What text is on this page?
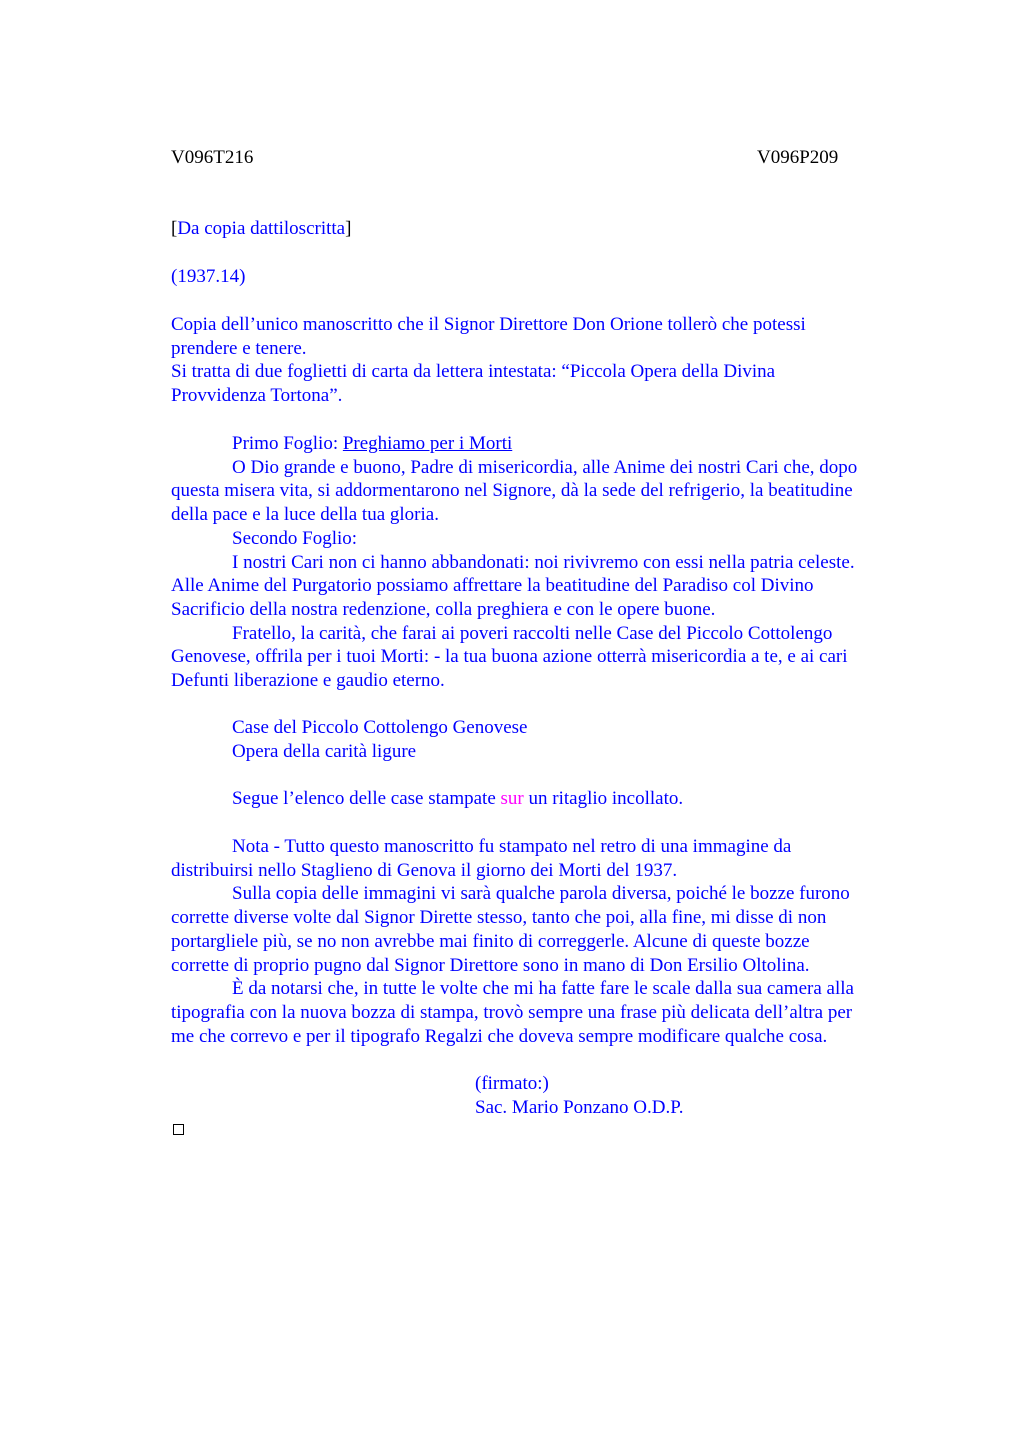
V096T216	V096P209
[Da copia dattiloscritta]
(1937.14)
Copia dell’unico manoscritto che il Signor Direttore Don Orione tollerò che potessi
prendere e tenere.
Si tratta di due foglietti di carta da lettera intestata: “Piccola Opera della Divina
Provvidenza Tortona”.
Primo Foglio: Preghiamo per i Morti
O Dio grande e buono, Padre di misericordia, alle Anime dei nostri Cari che, dopo
questa misera vita, si addormentarono nel Signore, dà la sede del refrigerio, la beatitudine
della pace e la luce della tua gloria.
Secondo Foglio:
I nostri Cari non ci hanno abbandonati: noi rivivremo con essi nella patria celeste.
Alle Anime del Purgatorio possiamo affrettare la beatitudine del Paradiso col Divino
Sacrificio della nostra redenzione, colla preghiera e con le opere buone.
Fratello, la carità, che farai ai poveri raccolti nelle Case del Piccolo Cottolengo
Genovese, offrila per i tuoi Morti: - la tua buona azione otterrà misericordia a te, e ai cari
Defunti liberazione e gaudio eterno.
Case del Piccolo Cottolengo Genovese
Opera della carità ligure
Segue l’elenco delle case stampate sur un ritaglio incollato.
Nota - Tutto questo manoscritto fu stampato nel retro di una immagine da
distribuirsi nello Staglieno di Genova il giorno dei Morti del 1937.
Sulla copia delle immagini vi sarà qualche parola diversa, poiché le bozze furono
corrette diverse volte dal Signor Dirette stesso, tanto che poi, alla fine, mi disse di non
portargliele più, se no non avrebbe mai finito di correggerle. Alcune di queste bozze
corrette di proprio pugno dal Signor Direttore sono in mano di Don Ersilio Oltolina.
È da notarsi che, in tutte le volte che mi ha fatte fare le scale dalla sua camera alla
tipografia con la nuova bozza di stampa, trovò sempre una frase più delicata dell’altra per
me che correvo e per il tipografo Regalzi che doveva sempre modificare qualche cosa.
(firmato:)
Sac. Mario Ponzano O.D.P.
